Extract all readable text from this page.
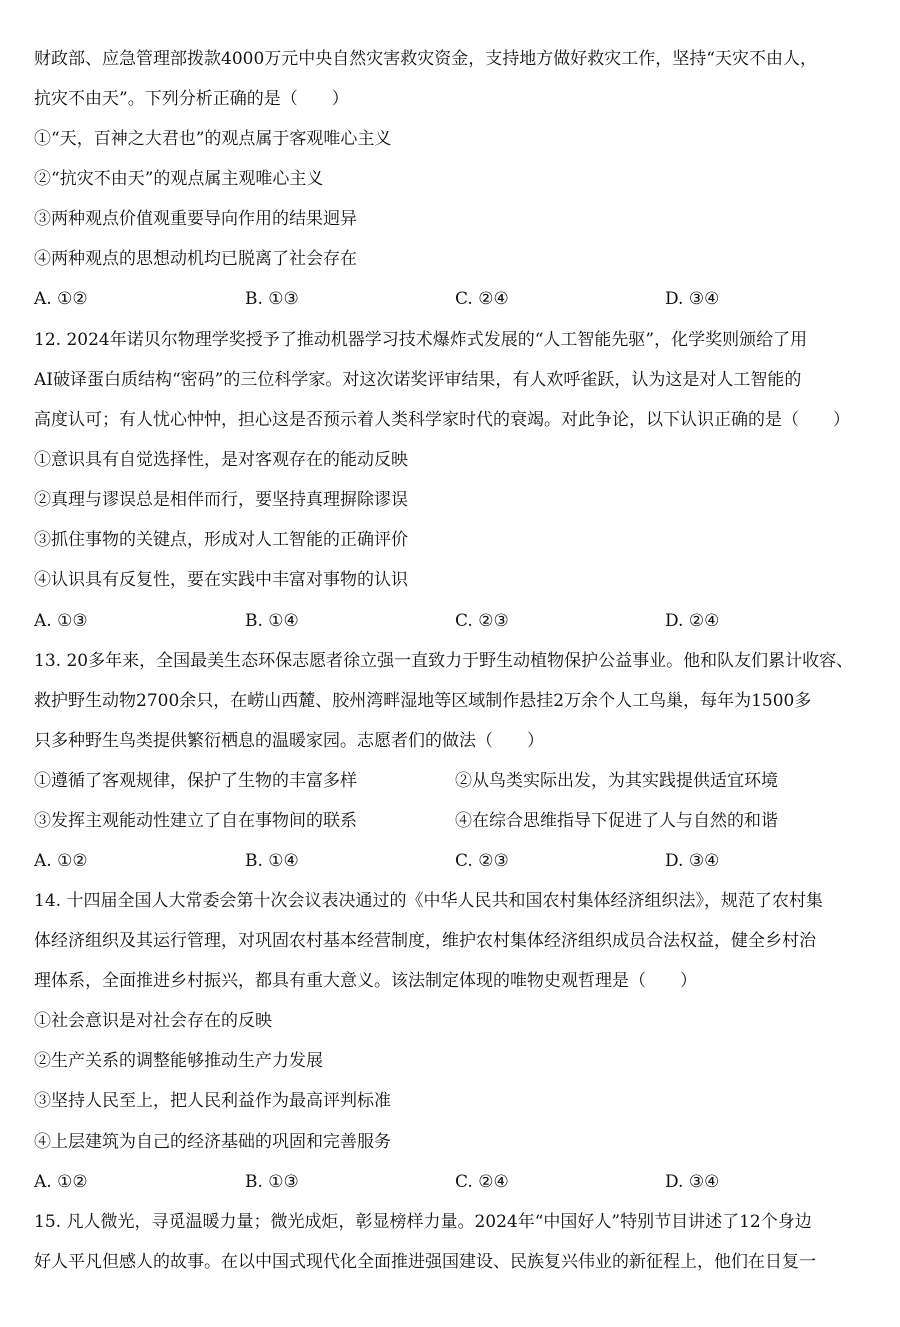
财政部、应急管理部拨款4000万元中央自然灾害救灾资金，支持地方做好救灾工作，坚持“天灾不由人，
抗灾不由天”。下列分析正确的是（　　）
①“天，百神之大君也”的观点属于客观唯心主义
②“抗灾不由天”的观点属主观唯心主义
③两种观点价值观重要导向作用的结果迥异
④两种观点的思想动机均已脱离了社会存在
A. ①②	B. ①③	C. ②④	D. ③④
12. 2024年诺贝尔物理学奖授予了推动机器学习技术爆炸式发展的“人工智能先驱”，化学奖则颁给了用
AI破译蛋白质结构“密码”的三位科学家。对这次诺奖评审结果，有人欢呼雀跃，认为这是对人工智能的
高度认可；有人忧心忡忡，担心这是否预示着人类科学家时代的衰竭。对此争论，以下认识正确的是（　　）
①意识具有自觉选择性，是对客观存在的能动反映
②真理与谬误总是相伴而行，要坚持真理摒除谬误
③抓住事物的关键点，形成对人工智能的正确评价
④认识具有反复性，要在实践中丰富对事物的认识
A. ①③	B. ①④	C. ②③	D. ②④
13. 20多年来，全国最美生态环保志愿者徐立强一直致力于野生动植物保护公益事业。他和队友们累计收容、
救护野生动物2700余只，在崂山西麓、胶州湾畔湿地等区域制作悬挂2万余个人工鸟巢，每年为1500多
只多种野生鸟类提供繁衍栖息的温暖家园。志愿者们的做法（　　）
①遵循了客观规律，保护了生物的丰富多样	②从鸟类实际出发，为其实践提供适宜环境
③发挥主观能动性建立了自在事物间的联系	④在综合思维指导下促进了人与自然的和谐
A. ①②	B. ①④	C. ②③	D. ③④
14. 十四届全国人大常委会第十次会议表决通过的《中华人民共和国农村集体经济组织法》，规范了农村集
体经济组织及其运行管理，对巩固农村基本经营制度，维护农村集体经济组织成员合法权益，健全乡村治
理体系，全面推进乡村振兴，都具有重大意义。该法制定体现的唯物史观哲理是（　　）
①社会意识是对社会存在的反映
②生产关系的调整能够推动生产力发展
③坚持人民至上，把人民利益作为最高评判标准
④上层建筑为自己的经济基础的巩固和完善服务
A. ①②	B. ①③	C. ②④	D. ③④
15. 凡人微光，寻觅温暖力量；微光成炬，彰显榜样力量。2024年“中国好人”特别节目讲述了12个身边
好人平凡但感人的故事。在以中国式现代化全面推进强国建设、民族复兴伟业的新征程上，他们在日复一
